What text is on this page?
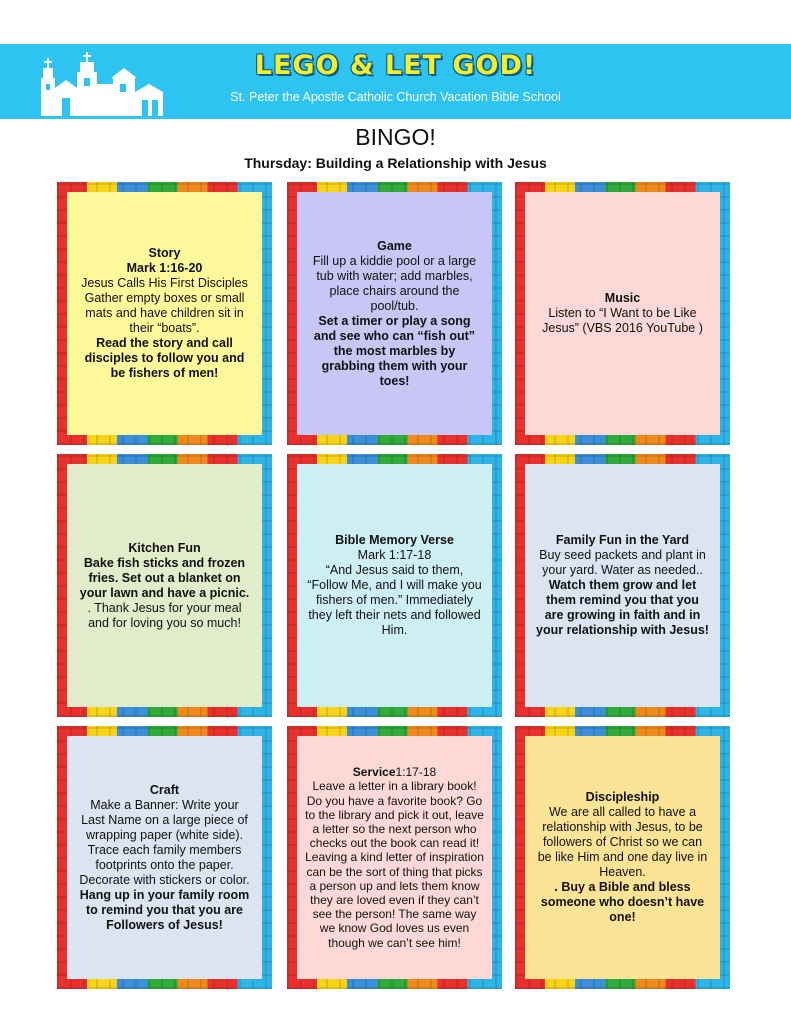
LEGO & LET GOD!
St. Peter the Apostle Catholic Church Vacation Bible School
BINGO!
Thursday: Building a Relationship with Jesus

Story

Mark 1:16-20

Jesus Calls His First Disciples

Gather empty boxes or small mats and have children sit in their “boats”.

Read the story and call disciples to follow you and be fishers of men!

Game

Fill up a kiddie pool or a large tub with water; add marbles, place chairs around the pool/tub.

Set a timer or play a song and see who can “fish out” the most marbles by grabbing them with your toes!

Music

Listen to “I Want to be Like Jesus” (VBS 2016 YouTube )

Kitchen Fun

Bake fish sticks and frozen fries. Set out a blanket on your lawn and have a picnic.

. Thank Jesus for your meal and for loving you so much!

Bible Memory Verse

Mark 1:17-18

“And Jesus said to them, “Follow Me, and I will make you fishers of men.” Immediately they left their nets and followed Him.

Family Fun in the Yard

Buy seed packets and plant in your yard. Water as needed..

Watch them grow and let them remind you that you are growing in faith and in your relationship with Jesus!

Craft

Make a Banner: Write your Last Name on a large piece of wrapping paper (white side). Trace each family members footprints onto the paper. Decorate with stickers or color.

Hang up in your family room to remind you that you are Followers of Jesus!

Service1:17-18

Leave a letter in a library book! Do you have a favorite book? Go to the library and pick it out, leave a letter so the next person who checks out the book can read it! Leaving a kind letter of inspiration can be the sort of thing that picks a person up and lets them know they are loved even if they can’t see the person! The same way we know God loves us even though we can’t see him!

Discipleship

We are all called to have a relationship with Jesus, to be followers of Christ so we can be like Him and one day live in Heaven.

. Buy a Bible and bless someone who doesn’t have one!
